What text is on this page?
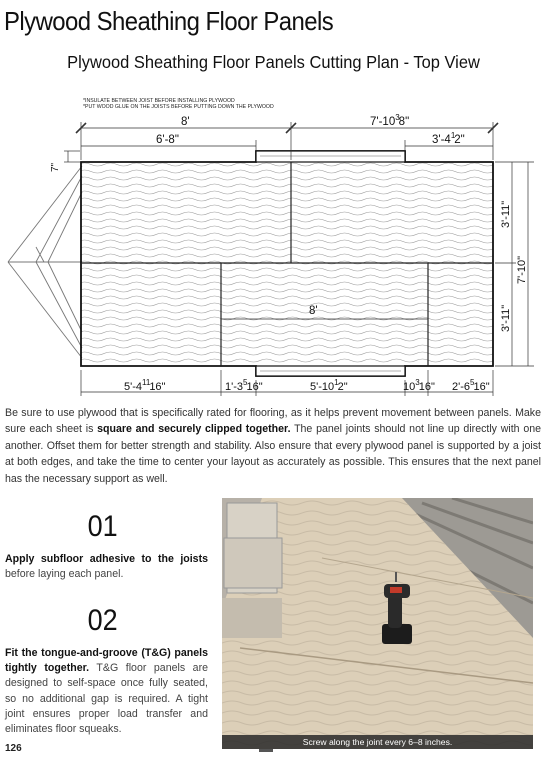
Plywood Sheathing Floor Panels
Plywood Sheathing Floor Panels Cutting Plan - Top View
*INSULATE BETWEEN JOIST BEFORE INSTALLING PLYWOOD
*PUT WOOD GLUE ON THE JOISTS BEFORE PUTTING DOWN THE PLYWOOD
8'	$7'-10^38$"
6'-8"	$3'-4^12$"
7"
3'-11"
3'-11"
7'-10"
8'
$5'-4^{11}16$"	$1'-3^516$"	$5'-10^12$"	$10^316$" $2'-6^516$"

Be sure to use plywood that is specifically rated for flooring, as it helps prevent movement between panels. Make sure each sheet is square and securely clipped together. The panel joints should not line up directly with one another. Offset them for better strength and stability. Also ensure that every plywood panel is supported by a joist at both edges, and take the time to center your layout as accurately as possible. This ensures that the next panel has the necessary support as well.

01

Apply subfloor adhesive to the joists before laying each panel.

02

Fit the tongue-and-groove (T&G) panels tightly together. T&G floor panels are designed to self-space once fully seated, so no additional gap is required. A tight joint ensures proper load transfer and eliminates floor squeaks.

Screw along the joint every 6–8 inches.

126
